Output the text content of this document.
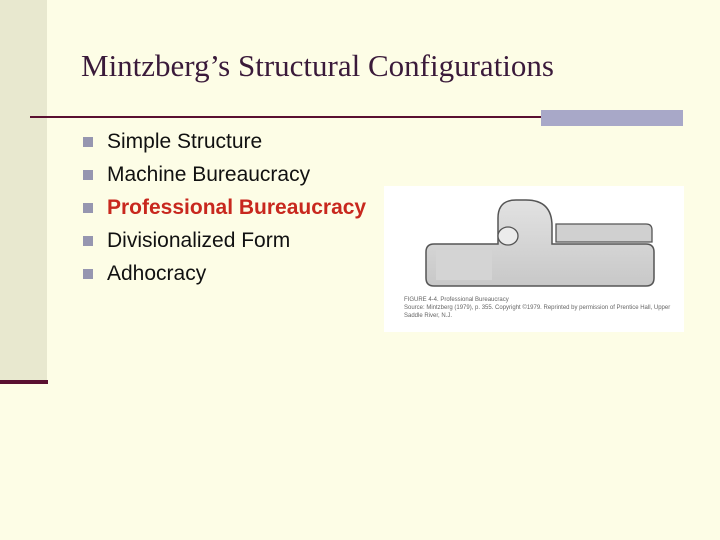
Mintzberg’s Structural Configurations
Simple Structure
Machine Bureaucracy
Professional Bureaucracy
Divisionalized Form
Adhocracy
FIGURE 4-4. Professional Bureaucracy
Source: Mintzberg (1979), p. 355. Copyright ©1979. Reprinted by permission of Prentice Hall, Upper Saddle River, N.J.
